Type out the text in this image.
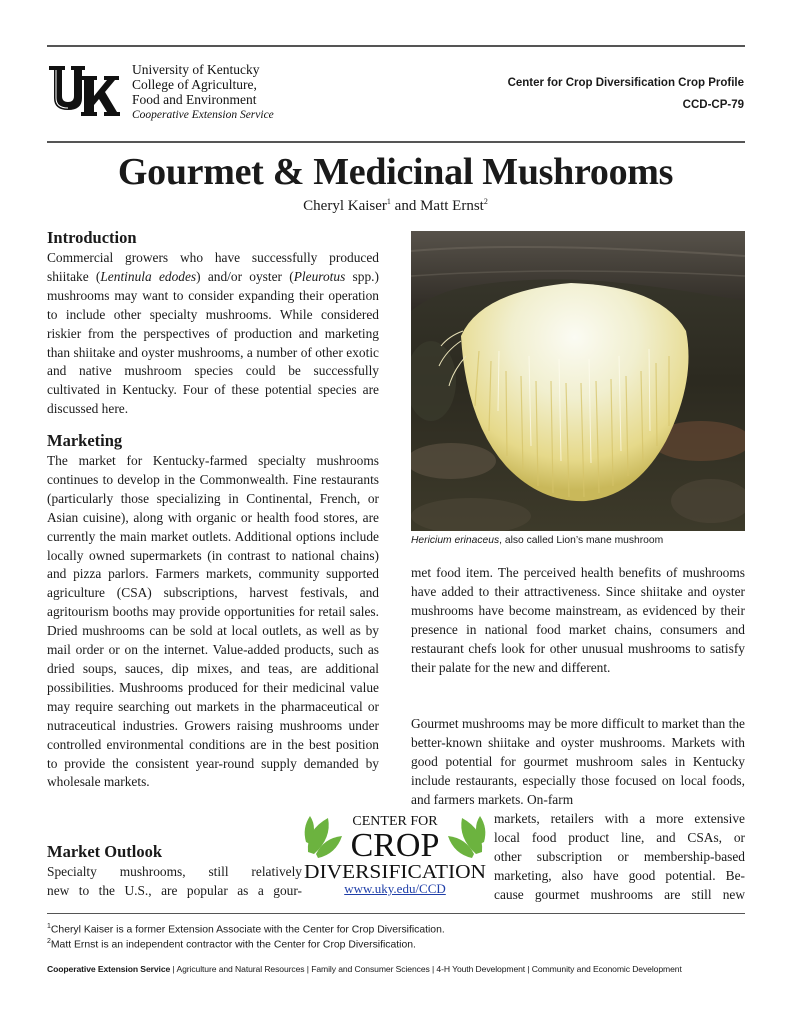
University of Kentucky
College of Agriculture,
Food and Environment
Cooperative Extension Service
Center for Crop Diversification Crop Profile
CCD-CP-79
Gourmet & Medicinal Mushrooms
Cheryl Kaiser$^1$ and Matt Ernst$^2$
Introduction

Commercial growers who have successfully produced shiitake (Lentinula edodes) and/or oyster (Pleurotus spp.) mushrooms may want to consider expanding their operation to include other specialty mushrooms. While considered riskier from the perspectives of production and marketing than shiitake and oyster mushrooms, a number of other exotic and native mushroom species could be successfully cultivated in Kentucky. Four of these potential species are discussed here.

Marketing

The market for Kentucky-farmed specialty mushrooms continues to develop in the Commonwealth. Fine restaurants (particularly those specializing in Continental, French, or Asian cuisine), along with organic or health food stores, are currently the main market outlets. Additional options include locally owned supermarkets (in contrast to national chains) and pizza parlors. Farmers markets, community supported agriculture (CSA) subscriptions, harvest festivals, and agritourism booths may provide opportunities for retail sales. Dried mushrooms can be sold at local outlets, as well as by mail order or on the internet. Value-added products, such as dried soups, sauces, dip mixes, and teas, are additional possibilities. Mushrooms produced for their medicinal value may require searching out markets in the pharmaceutical or nutraceutical industries. Growers raising mushrooms under controlled environmental conditions are in the best position to provide the consistent year-round supply demanded by wholesale markets.

Market Outlook

Specialty mushrooms, still relatively

new to the U.S., are popular as a gour-

Hericium erinaceus, also called Lion’s mane mushroom

met food item. The perceived health benefits of mushrooms have added to their attractiveness. Since shiitake and oyster mushrooms have become mainstream, as evidenced by their presence in national food market chains, consumers and restaurant chefs look for other unusual mushrooms to satisfy their palate for the new and different.

Gourmet mushrooms may be more difficult to market than the better-known shiitake and oyster mushrooms. Markets with good potential for gourmet mushroom sales in Kentucky include restaurants, especially those focused on local foods, and farmers markets. On-farm

markets, retailers with a more extensive

local food product line, and CSAs, or

other subscription or membership-based

marketing, also have good potential. Be-

cause gourmet mushrooms are still new

CENTER FOR
CROP
DIVERSIFICATION
www.uky.edu/CCD
$^1$Cheryl Kaiser is a former Extension Associate with the Center for Crop Diversification.
$^2$Matt Ernst is an independent contractor with the Center for Crop Diversification.
Cooperative Extension Service | Agriculture and Natural Resources | Family and Consumer Sciences | 4-H Youth Development | Community and Economic Development
